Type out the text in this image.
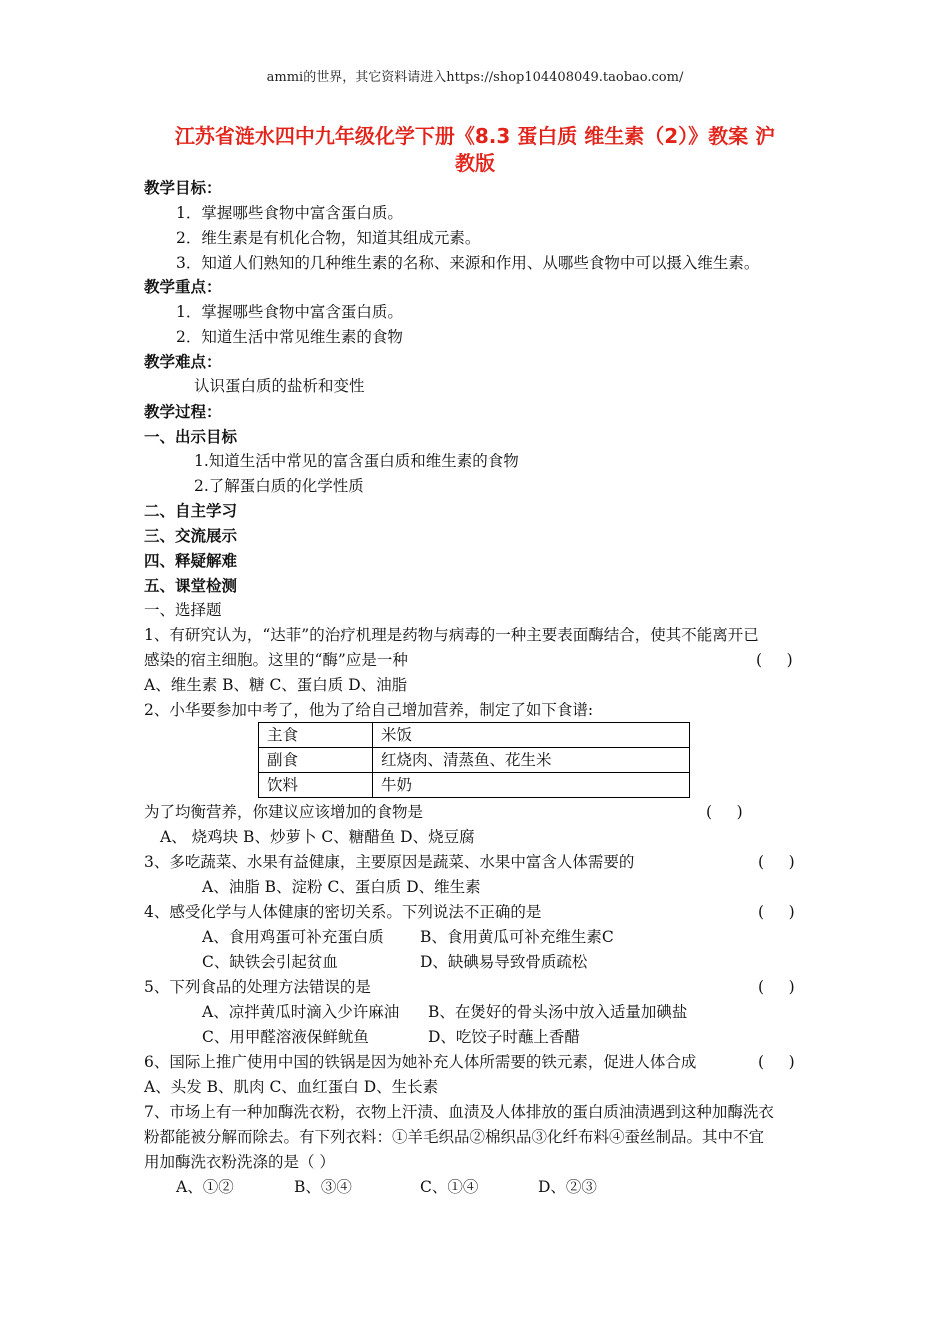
ammi的世界，其它资料请进入https://shop104408049.taobao.com/
江苏省涟水四中九年级化学下册《8.3 蛋白质 维生素（2）》教案 沪
教版
教学目标：
1．掌握哪些食物中富含蛋白质。
2．维生素是有机化合物，知道其组成元素。
3．知道人们熟知的几种维生素的名称、来源和作用、从哪些食物中可以摄入维生素。
教学重点：
1．掌握哪些食物中富含蛋白质。
2．知道生活中常见维生素的食物
教学难点：
认识蛋白质的盐析和变性
教学过程：
一、出示目标
1.知道生活中常见的富含蛋白质和维生素的食物
2.了解蛋白质的化学性质
二、自主学习
三、交流展示
四、释疑解难
五、课堂检测
一、选择题
1、有研究认为，“达菲”的治疗机理是药物与病毒的一种主要表面酶结合，使其不能离开已
感染的宿主细胞。这里的“酶”应是一种	(     )
A、维生素 B、糖 C、蛋白质 D、油脂
2、小华要参加中考了，他为了给自己增加营养，制定了如下食谱:
主食	米饭
副食	红烧肉、清蒸鱼、花生米
饮料	牛奶
为了均衡营养，你建议应该增加的食物是	(     )
A、 烧鸡块 B、炒萝卜 C、糖醋鱼 D、烧豆腐
3、多吃蔬菜、水果有益健康，主要原因是蔬菜、水果中富含人体需要的	(     )
A、油脂 B、淀粉 C、蛋白质 D、维生素
4、感受化学与人体健康的密切关系。下列说法不正确的是	(     )
A、食用鸡蛋可补充蛋白质 B、食用黄瓜可补充维生素C
C、缺铁会引起贫血	D、缺碘易导致骨质疏松
5、下列食品的处理方法错误的是	(     )
A、凉拌黄瓜时滴入少许麻油 B、在煲好的骨头汤中放入适量加碘盐
C、用甲醛溶液保鲜鱿鱼	D、吃饺子时蘸上香醋
6、国际上推广使用中国的铁锅是因为她补充人体所需要的铁元素，促进人体合成	(     )
A、头发 B、肌肉 C、血红蛋白 D、生长素
7、市场上有一种加酶洗衣粉，衣物上汗渍、血渍及人体排放的蛋白质油渍遇到这种加酶洗衣
粉都能被分解而除去。有下列衣料：①羊毛织品②棉织品③化纤布料④蚕丝制品。其中不宜
用加酶洗衣粉洗涤的是（ ）
A、①②	B、③④	C、①④	D、②③
